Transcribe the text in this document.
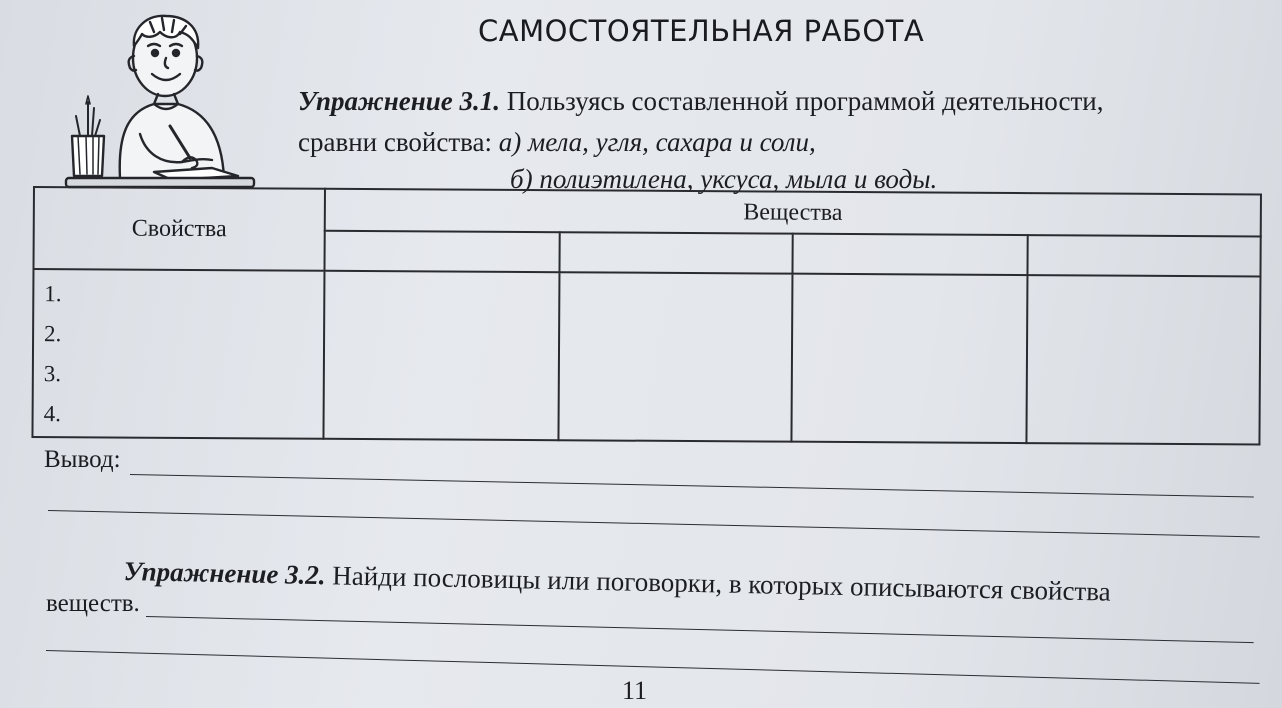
САМОСТОЯТЕЛЬНАЯ РАБОТА
Упражнение 3.1. Пользуясь составленной программой деятельности,
сравни свойства: а) мела, угля, сахара и соли,
б) полиэтилена, уксуса, мыла и воды.
Свойства	Вещества			

1.
2.
3.
4.				

Вывод:
Упражнение 3.2. Найди пословицы или поговорки, в которых описываются свойства
веществ.
11
